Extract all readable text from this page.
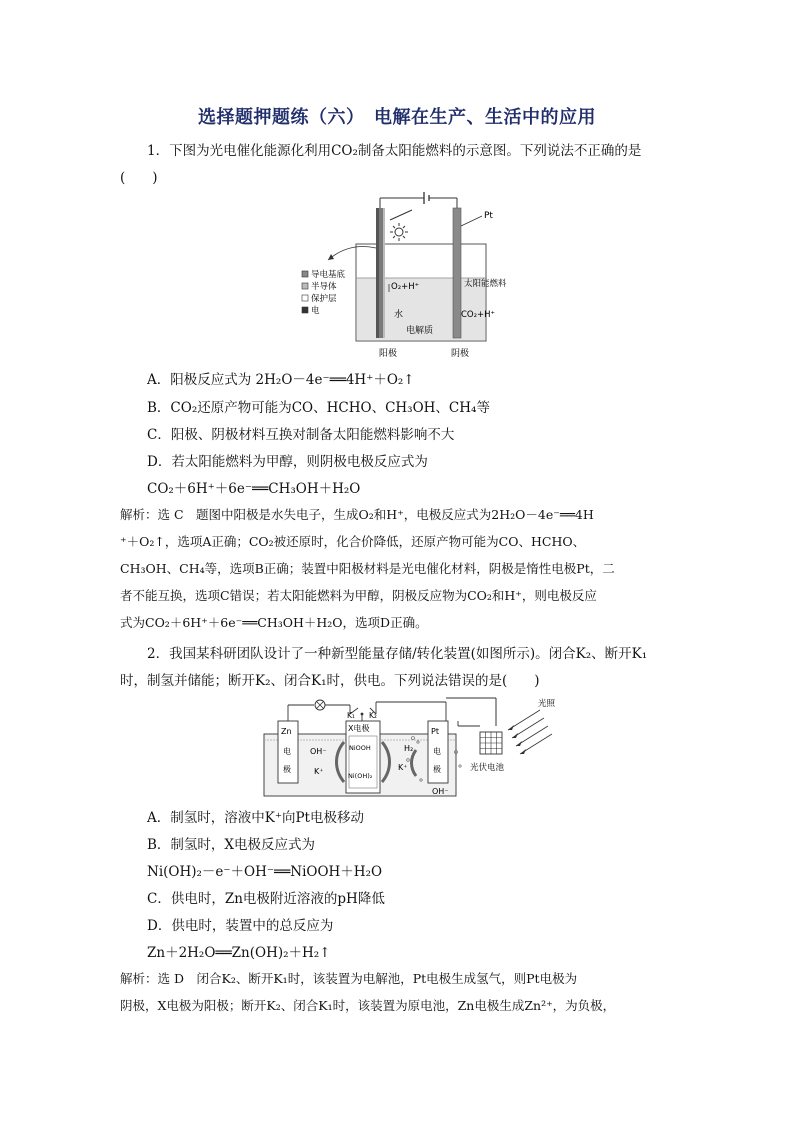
选择题押题练（六）　电解在生产、生活中的应用
1．下图为光电催化能源化利用CO₂制备太阳能燃料的示意图。下列说法不正确的是
(　　)
Pt
导电基底
半导体
保护层
电
O₂+H⁺
水
太阳能燃料
CO₂+H⁺
电解质
阳极	阴极
A．阳极反应式为 2H₂O－4e⁻══4H⁺＋O₂↑
B．CO₂还原产物可能为CO、HCHO、CH₃OH、CH₄等
C．阳极、阴极材料互换对制备太阳能燃料影响不大
D．若太阳能燃料为甲醇，则阴极电极反应式为
CO₂＋6H⁺＋6e⁻══CH₃OH＋H₂O
解析：选 C　题图中阳极是水失电子，生成O₂和H⁺，电极反应式为2H₂O－4e⁻══4H
⁺＋O₂↑，选项A正确；CO₂被还原时，化合价降低，还原产物可能为CO、HCHO、
CH₃OH、CH₄等，选项B正确；装置中阳极材料是光电催化材料，阴极是惰性电极Pt，二
者不能互换，选项C错误；若太阳能燃料为甲醇，阴极反应物为CO₂和H⁺，则电极反应
式为CO₂＋6H⁺＋6e⁻══CH₃OH＋H₂O，选项D正确。
2．我国某科研团队设计了一种新型能量存储/转化装置(如图所示)。闭合K₂、断开K₁
时，制氢并储能；断开K₂、闭合K₁时，供电。下列说法错误的是(　　)
K₁ K₂
Zn
电
极
OH⁻
K⁺
X电极
NiOOH
Ni(OH)₂
Pt
电
极
H₂
K⁺
OH⁻
光伏电池
光照
A．制氢时，溶液中K⁺向Pt电极移动
B．制氢时，X电极反应式为
Ni(OH)₂－e⁻＋OH⁻══NiOOH＋H₂O
C．供电时，Zn电极附近溶液的pH降低
D．供电时，装置中的总反应为
Zn＋2H₂O══Zn(OH)₂＋H₂↑
解析：选 D　闭合K₂、断开K₁时，该装置为电解池，Pt电极生成氢气，则Pt电极为
阴极，X电极为阳极；断开K₂、闭合K₁时，该装置为原电池，Zn电极生成Zn²⁺，为负极，
